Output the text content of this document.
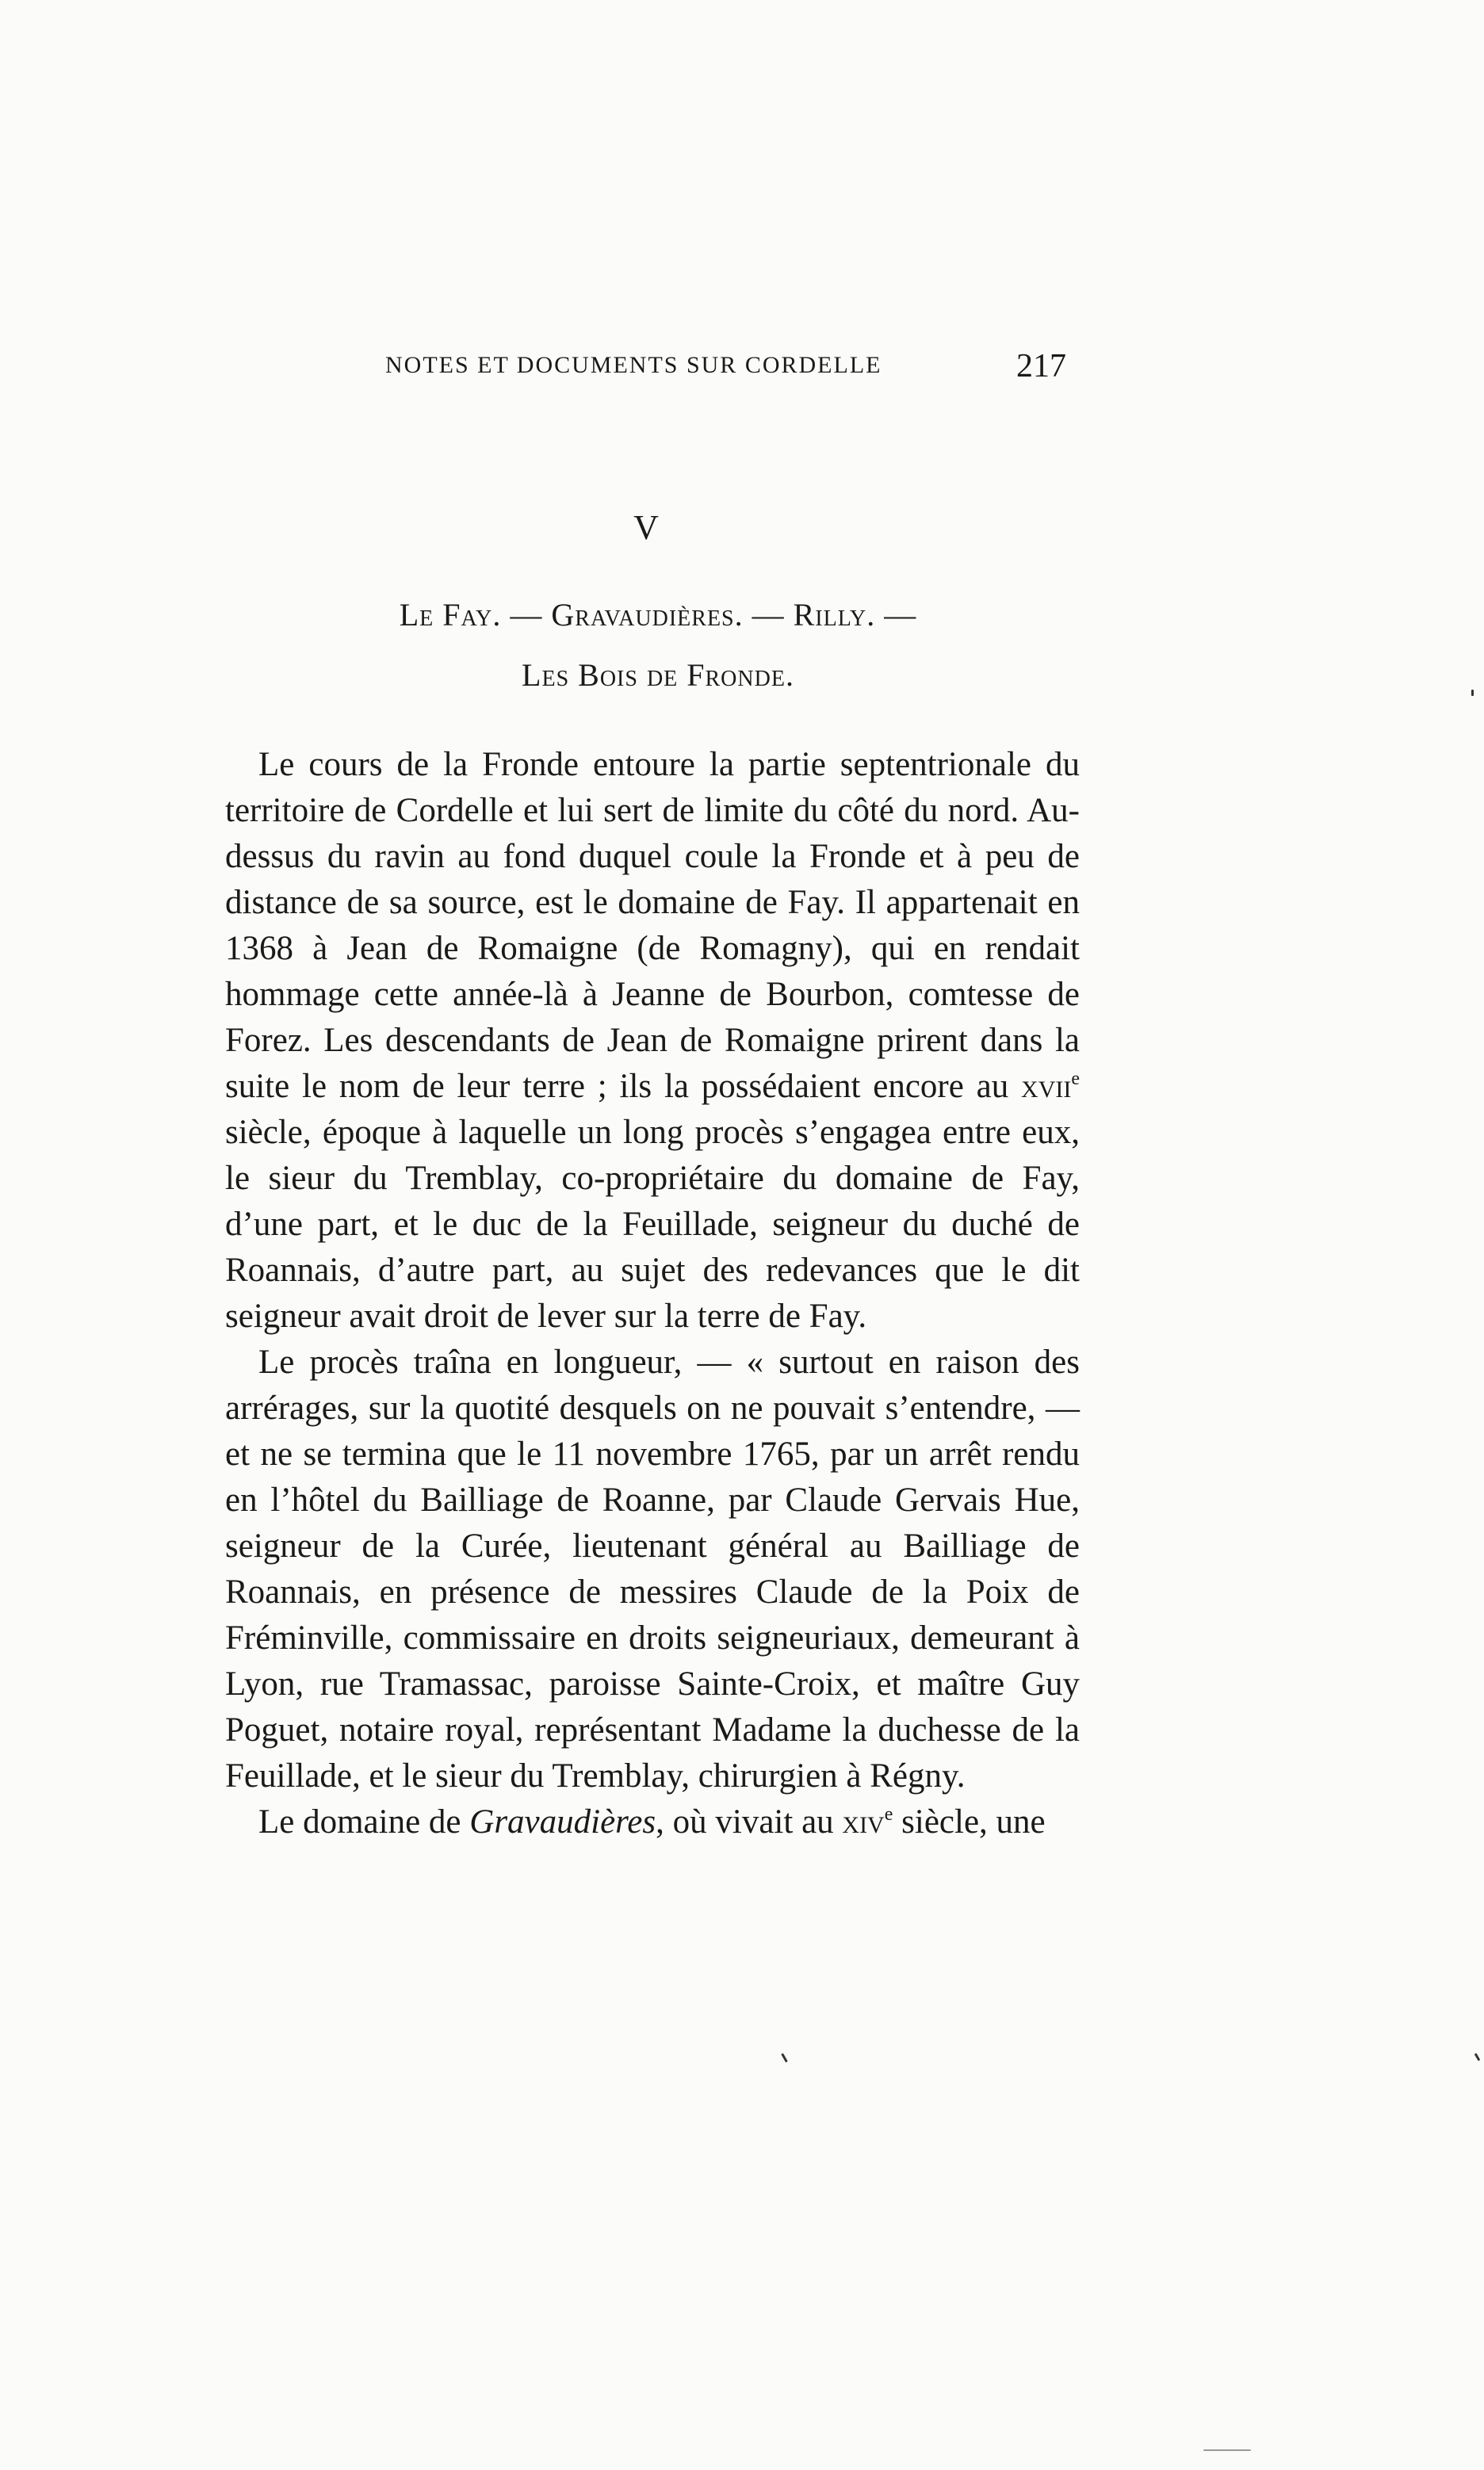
NOTES ET DOCUMENTS SUR CORDELLE	217
V
Le Fay. — Gravaudières. — Rilly. —
Les Bois de Fronde.

Le cours de la Fronde entoure la partie septentrionale du territoire de Cordelle et lui sert de limite du côté du nord. Au-dessus du ravin au fond duquel coule la Fronde et à peu de distance de sa source, est le domaine de Fay. Il appartenait en 1368 à Jean de Romaigne (de Romagny), qui en rendait hommage cette année-là à Jeanne de Bourbon, comtesse de Forez. Les descendants de Jean de Romaigne prirent dans la suite le nom de leur terre ; ils la possédaient encore au xvii$^e$ siècle, époque à laquelle un long procès s’engagea entre eux, le sieur du Tremblay, co-propriétaire du domaine de Fay, d’une part, et le duc de la Feuillade, seigneur du duché de Roannais, d’autre part, au sujet des redevances que le dit seigneur avait droit de lever sur la terre de Fay.

Le procès traîna en longueur, — « surtout en raison des arrérages, sur la quotité desquels on ne pouvait s’entendre, — et ne se termina que le 11 novembre 1765, par un arrêt rendu en l’hôtel du Bailliage de Roanne, par Claude Gervais Hue, seigneur de la Curée, lieutenant général au Bailliage de Roannais, en présence de messires Claude de la Poix de Fréminville, commissaire en droits seigneuriaux, demeurant à Lyon, rue Tramassac, paroisse Sainte-Croix, et maître Guy Poguet, notaire royal, représentant Madame la duchesse de la Feuillade, et le sieur du Tremblay, chirurgien à Régny.

Le domaine de Gravaudières, où vivait au xiv$^e$ siècle, une
